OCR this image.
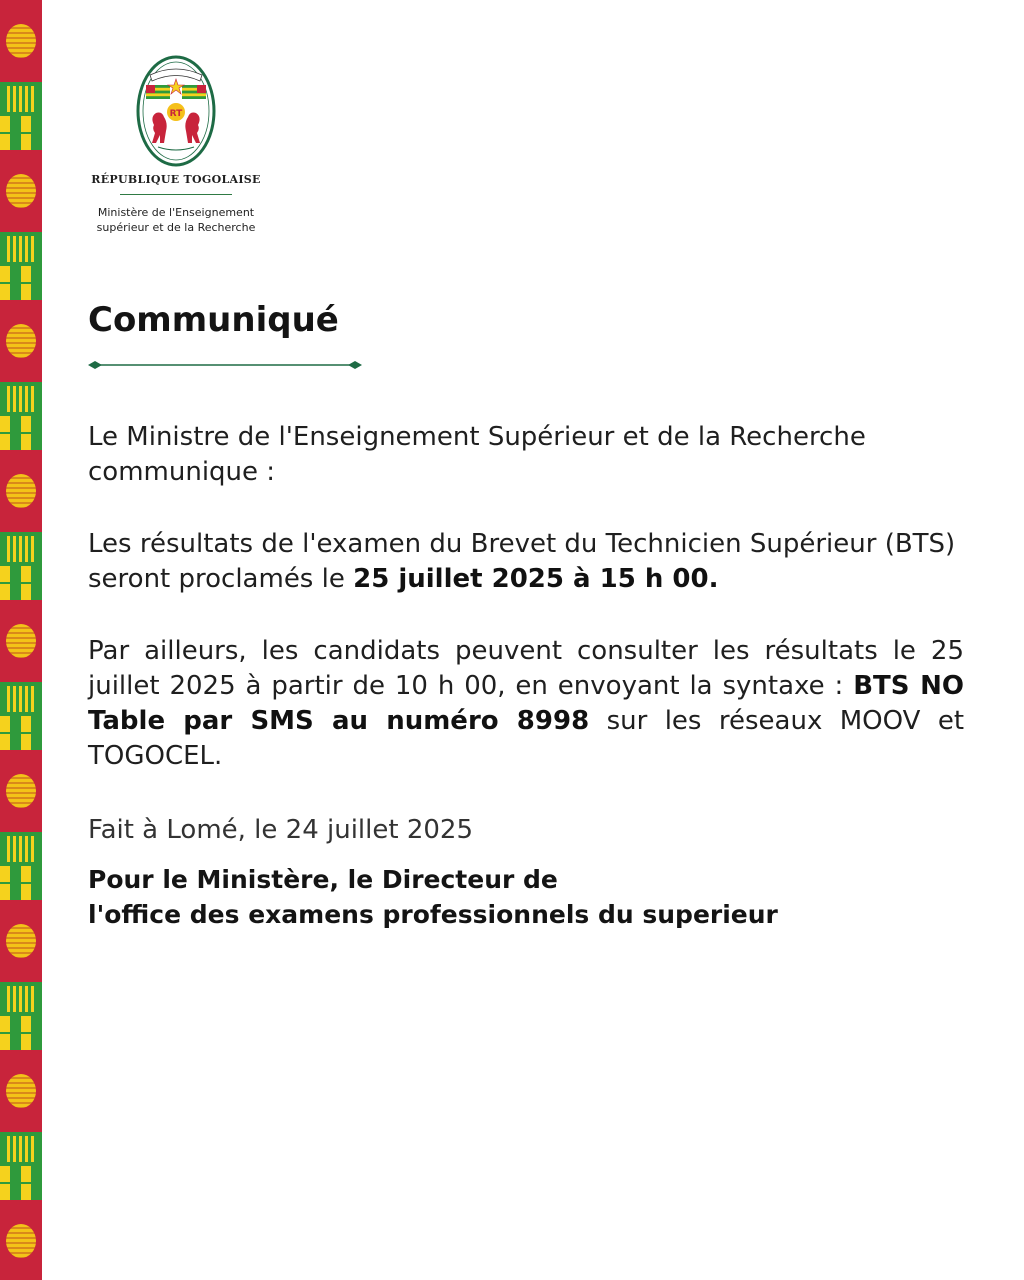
RT
RÉPUBLIQUE TOGOLAISE
Ministère de l'Enseignement
supérieur et de la Recherche
Communiqué

Le Ministre de l'Enseignement Supérieur et de la Recherche communique :

Les résultats de l'examen du Brevet du Technicien Supérieur (BTS) seront proclamés le 25 juillet 2025 à 15 h 00.

Par ailleurs, les candidats peuvent consulter les résultats le 25 juillet 2025 à partir de 10 h 00, en envoyant la syntaxe : BTS NO Table par SMS au numéro 8998 sur les réseaux MOOV et TOGOCEL.

Fait à Lomé, le 24 juillet 2025

Pour le Ministère, le Directeur de
l'office des examens professionnels du superieur
